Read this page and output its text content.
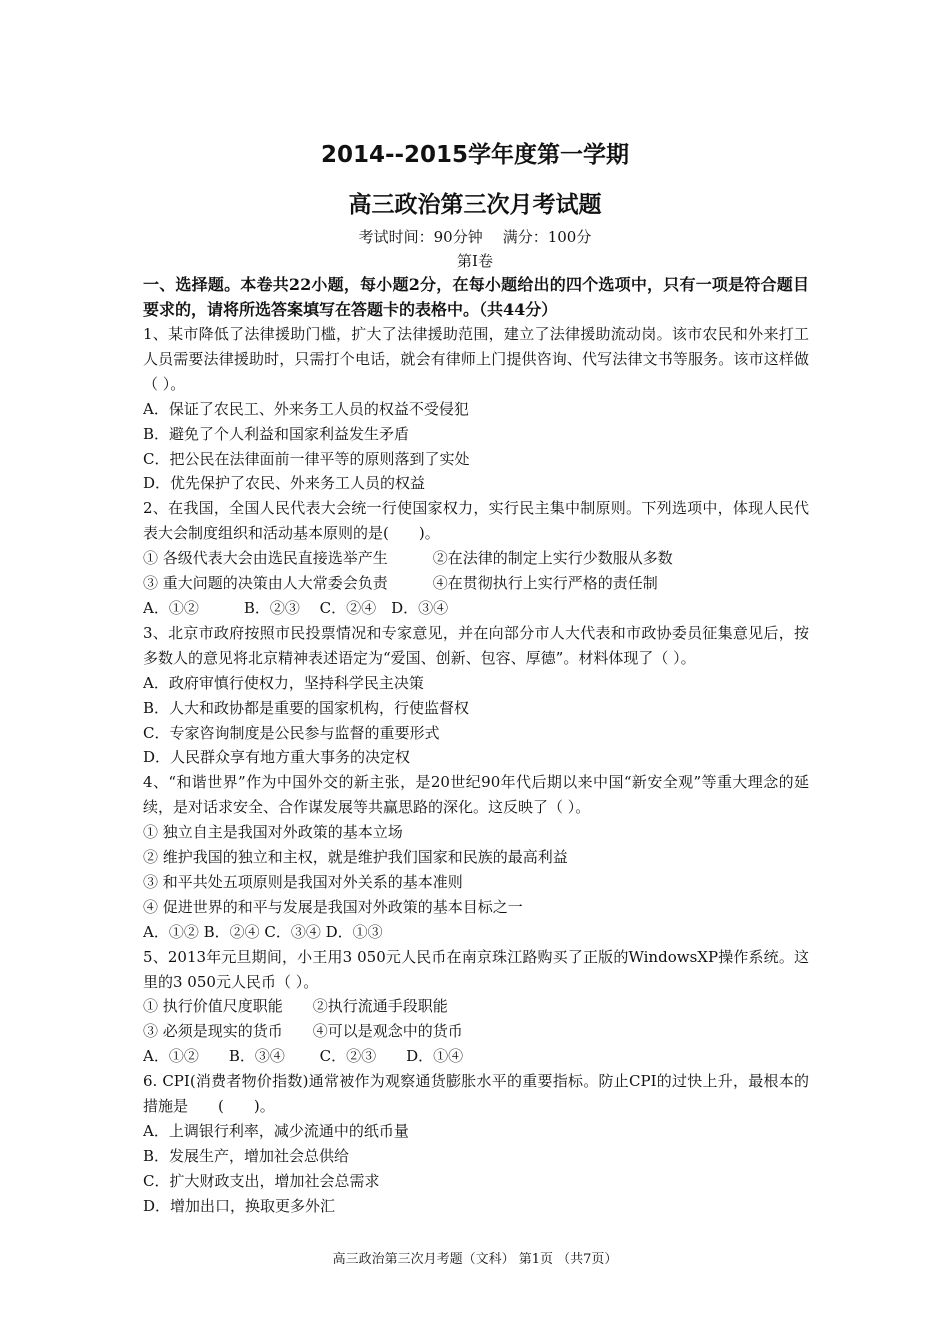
2014--2015学年度第一学期
高三政治第三次月考试题
考试时间：90分钟 满分：100分
第I卷
一、选择题。本卷共22小题，每小题2分，在每小题给出的四个选项中，只有一项是符合题目要求的，请将所选答案填写在答题卡的表格中。（共44分）
1、某市降低了法律援助门槛，扩大了法律援助范围，建立了法律援助流动岗。该市农民和外来打工人员需要法律援助时，只需打个电话，就会有律师上门提供咨询、代写法律文书等服务。该市这样做（ ）。
A．保证了农民工、外来务工人员的权益不受侵犯
B．避免了个人利益和国家利益发生矛盾
C．把公民在法律面前一律平等的原则落到了实处
D．优先保护了农民、外来务工人员的权益
2、在我国，全国人民代表大会统一行使国家权力，实行民主集中制原则。下列选项中，体现人民代表大会制度组织和活动基本原则的是(　　)。
① 各级代表大会由选民直接选举产生　　　②在法律的制定上实行少数服从多数
③ 重大问题的决策由人大常委会负责　　　④在贯彻执行上实行严格的责任制
A．①②　　　B．②③　 C．②④　D．③④
3、北京市政府按照市民投票情况和专家意见，并在向部分市人大代表和市政协委员征集意见后，按多数人的意见将北京精神表述语定为“爱国、创新、包容、厚德”。材料体现了（ ）。
A．政府审慎行使权力，坚持科学民主决策
B．人大和政协都是重要的国家机构，行使监督权
C．专家咨询制度是公民参与监督的重要形式
D．人民群众享有地方重大事务的决定权
4、“和谐世界”作为中国外交的新主张，是20世纪90年代后期以来中国“新安全观”等重大理念的延续，是对话求安全、合作谋发展等共赢思路的深化。这反映了（ ）。
① 独立自主是我国对外政策的基本立场
② 维护我国的独立和主权，就是维护我们国家和民族的最高利益
③ 和平共处五项原则是我国对外关系的基本准则
④ 促进世界的和平与发展是我国对外政策的基本目标之一
A．①② B．②④ C．③④ D．①③
5、2013年元旦期间，小王用3 050元人民币在南京珠江路购买了正版的WindowsXP操作系统。这里的3 050元人民币（ ）。
① 执行价值尺度职能　　②执行流通手段职能
③ 必须是现实的货币　　④可以是观念中的货币
A．①②　　B．③④　　 C．②③　　D．①④
6. CPI(消费者物价指数)通常被作为观察通货膨胀水平的重要指标。防止CPI的过快上升，最根本的措施是　　(　　)。
A．上调银行利率，减少流通中的纸币量
B．发展生产，增加社会总供给
C．扩大财政支出，增加社会总需求
D．增加出口，换取更多外汇
高三政治第三次月考题（文科） 第1页 （共7页）
